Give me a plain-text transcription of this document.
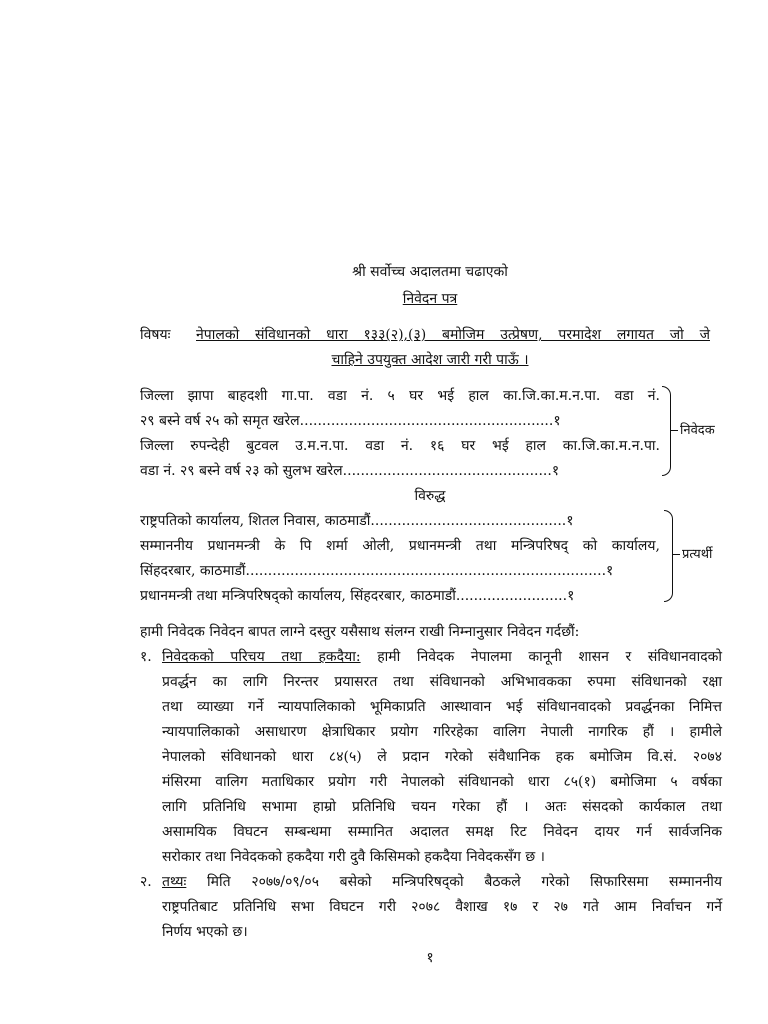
श्री सर्वोच्च अदालतमा चढाएको
निवेदन पत्र
विषयः नेपालको संविधानको धारा १३३(२),(३) बमोजिम उत्प्रेषण, परमादेश लगायत जो जे
चाहिने उपयुक्त आदेश जारी गरी पाऊँ ।
जिल्ला झापा बाहदशी गा.पा. वडा नं. ५ घर भई हाल का.जि.का.म.न.पा. वडा नं.
२९ बस्ने वर्ष २५ को समृत खरेल.........................................................१
जिल्ला रुपन्देही बुटवल उ.म.न.पा. वडा नं. १६ घर भई हाल का.जि.का.म.न.पा.
वडा नं. २९ बस्ने वर्ष २३ को सुलभ खरेल...............................................१
निवेदक
विरुद्ध
राष्ट्रपतिको कार्यालय, शितल निवास, काठमाडौं............................................१
सम्माननीय प्रधानमन्त्री के पि शर्मा ओली, प्रधानमन्त्री तथा मन्त्रिपरिषद् को कार्यालय,
सिंहदरबार, काठमाडौं.................................................................................१
प्रधानमन्त्री तथा मन्त्रिपरिषद्को कार्यालय, सिंहदरबार, काठमाडौं.........................१
प्रत्यर्थी
हामी निवेदक निवेदन बापत लाग्ने दस्तुर यसैसाथ संलग्न राखी निम्नानुसार निवेदन गर्दछौं:
१. निवेदकको परिचय तथा हकदैया: हामी निवेदक नेपालमा कानूनी शासन र संविधानवादको
प्रवर्द्धन का लागि निरन्तर प्रयासरत तथा संविधानको अभिभावकका रुपमा संविधानको रक्षा
तथा व्याख्या गर्ने न्यायपालिकाको भूमिकाप्रति आस्थावान भई संविधानवादको प्रवर्द्धनका निमित्त
न्यायपालिकाको असाधारण क्षेत्राधिकार प्रयोग गरिरहेका वालिग नेपाली नागरिक हौं । हामीले
नेपालको संविधानको धारा ८४(५) ले प्रदान गरेको संवैधानिक हक बमोजिम वि.सं. २०७४
मंसिरमा वालिग मताधिकार प्रयोग गरी नेपालको संविधानको धारा ८५(१) बमोजिमा ५ वर्षका
लागि प्रतिनिधि सभामा हाम्रो प्रतिनिधि चयन गरेका हौं । अतः संसदको कार्यकाल तथा
असामयिक विघटन सम्बन्धमा सम्मानित अदालत समक्ष रिट निवेदन दायर गर्न सार्वजनिक
सरोकार तथा निवेदकको हकदैया गरी दुवै किसिमको हकदैया निवेदकसँग छ ।
२. तथ्यः मिति २०७७/०९/०५ बसेको मन्त्रिपरिषद्को बैठकले गरेको सिफारिसमा सम्माननीय
राष्ट्रपतिबाट प्रतिनिधि सभा विघटन गरी २०७८ वैशाख १७ र २७ गते आम निर्वाचन गर्ने
निर्णय भएको छ।
१
